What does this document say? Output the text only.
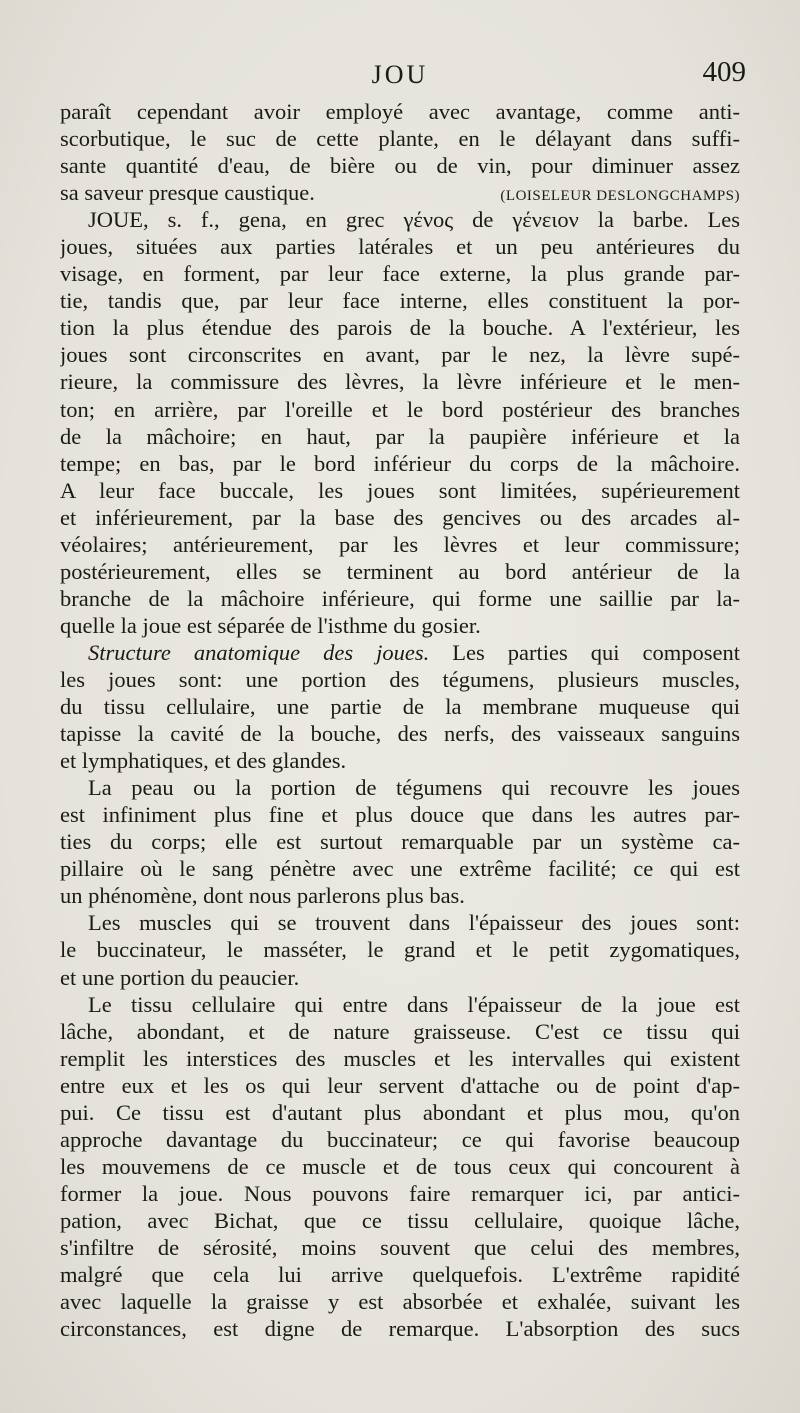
JOU	409
paraît cependant avoir employé avec avantage, comme anti-
scorbutique, le suc de cette plante, en le délayant dans suffi-
sante quantité d'eau, de bière ou de vin, pour diminuer assez
sa saveur presque caustique.	(LOISELEUR DESLONGCHAMPS)
JOUE, s. f., gena, en grec γένος de γένειον la barbe. Les
joues, situées aux parties latérales et un peu antérieures du
visage, en forment, par leur face externe, la plus grande par-
tie, tandis que, par leur face interne, elles constituent la por-
tion la plus étendue des parois de la bouche. A l'extérieur, les
joues sont circonscrites en avant, par le nez, la lèvre supé-
rieure, la commissure des lèvres, la lèvre inférieure et le men-
ton; en arrière, par l'oreille et le bord postérieur des branches
de la mâchoire; en haut, par la paupière inférieure et la
tempe; en bas, par le bord inférieur du corps de la mâchoire.
A leur face buccale, les joues sont limitées, supérieurement
et inférieurement, par la base des gencives ou des arcades al-
véolaires; antérieurement, par les lèvres et leur commissure;
postérieurement, elles se terminent au bord antérieur de la
branche de la mâchoire inférieure, qui forme une saillie par la-
quelle la joue est séparée de l'isthme du gosier.
Structure anatomique des joues. Les parties qui composent
les joues sont: une portion des tégumens, plusieurs muscles,
du tissu cellulaire, une partie de la membrane muqueuse qui
tapisse la cavité de la bouche, des nerfs, des vaisseaux sanguins
et lymphatiques, et des glandes.
La peau ou la portion de tégumens qui recouvre les joues
est infiniment plus fine et plus douce que dans les autres par-
ties du corps; elle est surtout remarquable par un système ca-
pillaire où le sang pénètre avec une extrême facilité; ce qui est
un phénomène, dont nous parlerons plus bas.
Les muscles qui se trouvent dans l'épaisseur des joues sont:
le buccinateur, le masséter, le grand et le petit zygomatiques,
et une portion du peaucier.
Le tissu cellulaire qui entre dans l'épaisseur de la joue est
lâche, abondant, et de nature graisseuse. C'est ce tissu qui
remplit les interstices des muscles et les intervalles qui existent
entre eux et les os qui leur servent d'attache ou de point d'ap-
pui. Ce tissu est d'autant plus abondant et plus mou, qu'on
approche davantage du buccinateur; ce qui favorise beaucoup
les mouvemens de ce muscle et de tous ceux qui concourent à
former la joue. Nous pouvons faire remarquer ici, par antici-
pation, avec Bichat, que ce tissu cellulaire, quoique lâche,
s'infiltre de sérosité, moins souvent que celui des membres,
malgré que cela lui arrive quelquefois. L'extrême rapidité
avec laquelle la graisse y est absorbée et exhalée, suivant les
circonstances, est digne de remarque. L'absorption des sucs
